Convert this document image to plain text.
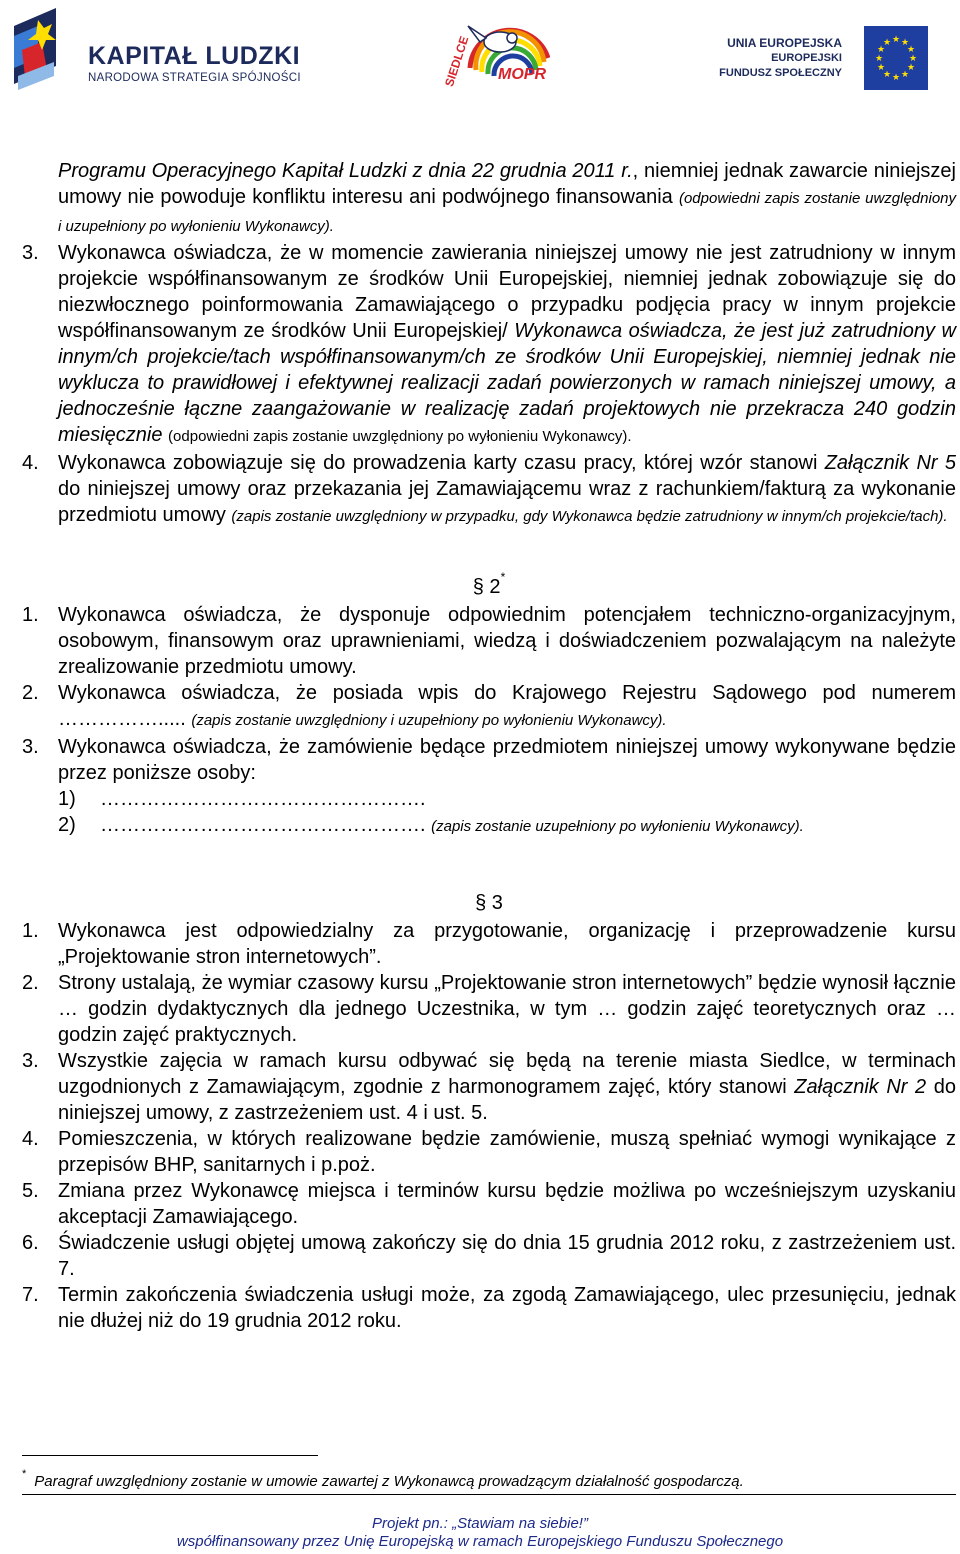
KAPITAŁ LUDZKI
NARODOWA STRATEGIA SPÓJNOŚCI	SIEDLCE MOPR
UNIA EUROPEJSKA
EUROPEJSKI
FUNDUSZ SPOŁECZNY
★ ★
★
★
★
★
★
★
★
★
★
★
Programu Operacyjnego Kapitał Ludzki z dnia 22 grudnia 2011 r., niemniej jednak zawarcie niniejszej umowy nie powoduje konfliktu interesu ani podwójnego finansowania (odpowiedni zapis zostanie uwzględniony i uzupełniony po wyłonieniu Wykonawcy).
3. Wykonawca oświadcza, że w momencie zawierania niniejszej umowy nie jest zatrudniony w innym projekcie współfinansowanym ze środków Unii Europejskiej, niemniej jednak zobowiązuje się do niezwłocznego poinformowania Zamawiającego o przypadku podjęcia pracy w innym projekcie współfinansowanym ze środków Unii Europejskiej/ Wykonawca oświadcza, że jest już zatrudniony w innym/ch projekcie/tach współfinansowanym/ch ze środków Unii Europejskiej, niemniej jednak nie wyklucza to prawidłowej i efektywnej realizacji zadań powierzonych w ramach niniejszej umowy, a jednocześnie łączne zaangażowanie w realizację zadań projektowych nie przekracza 240 godzin miesięcznie (odpowiedni zapis zostanie uwzględniony po wyłonieniu Wykonawcy).
4. Wykonawca zobowiązuje się do prowadzenia karty czasu pracy, której wzór stanowi Załącznik Nr 5 do niniejszej umowy oraz przekazania jej Zamawiającemu wraz z rachunkiem/fakturą za wykonanie przedmiotu umowy (zapis zostanie uwzględniony w przypadku, gdy Wykonawca będzie zatrudniony w innym/ch projekcie/tach).
§ 2*
1. Wykonawca oświadcza, że dysponuje odpowiednim potencjałem techniczno-organizacyjnym, osobowym, finansowym oraz uprawnieniami, wiedzą i doświadczeniem pozwalającym na należyte zrealizowanie przedmiotu umowy.
2. Wykonawca oświadcza, że posiada wpis do Krajowego Rejestru Sądowego pod numerem ……………..... (zapis zostanie uwzględniony i uzupełniony po wyłonieniu Wykonawcy).
3. Wykonawca oświadcza, że zamówienie będące przedmiotem niniejszej umowy wykonywane będzie przez poniższe osoby:
1) ………………………………………….
2) …………………………………………. (zapis zostanie uzupełniony po wyłonieniu Wykonawcy).
§ 3
1. Wykonawca jest odpowiedzialny za przygotowanie, organizację i przeprowadzenie kursu „Projektowanie stron internetowych”.
2. Strony ustalają, że wymiar czasowy kursu „Projektowanie stron internetowych” będzie wynosił łącznie … godzin dydaktycznych dla jednego Uczestnika, w tym … godzin zajęć teoretycznych oraz … godzin zajęć praktycznych.
3. Wszystkie zajęcia w ramach kursu odbywać się będą na terenie miasta Siedlce, w terminach uzgodnionych z Zamawiającym, zgodnie z harmonogramem zajęć, który stanowi Załącznik Nr 2 do niniejszej umowy, z zastrzeżeniem ust. 4 i ust. 5.
4. Pomieszczenia, w których realizowane będzie zamówienie, muszą spełniać wymogi wynikające z przepisów BHP, sanitarnych i p.poż.
5. Zmiana przez Wykonawcę miejsca i terminów kursu będzie możliwa po wcześniejszym uzyskaniu akceptacji Zamawiającego.
6. Świadczenie usługi objętej umową zakończy się do dnia 15 grudnia 2012 roku, z zastrzeżeniem ust. 7.
7. Termin zakończenia świadczenia usługi może, za zgodą Zamawiającego, ulec przesunięciu, jednak nie dłużej niż do 19 grudnia 2012 roku.
* Paragraf uwzględniony zostanie w umowie zawartej z Wykonawcą prowadzącym działalność gospodarczą.
Projekt pn.: „Stawiam na siebie!”
współfinansowany przez Unię Europejską w ramach Europejskiego Funduszu Społecznego
